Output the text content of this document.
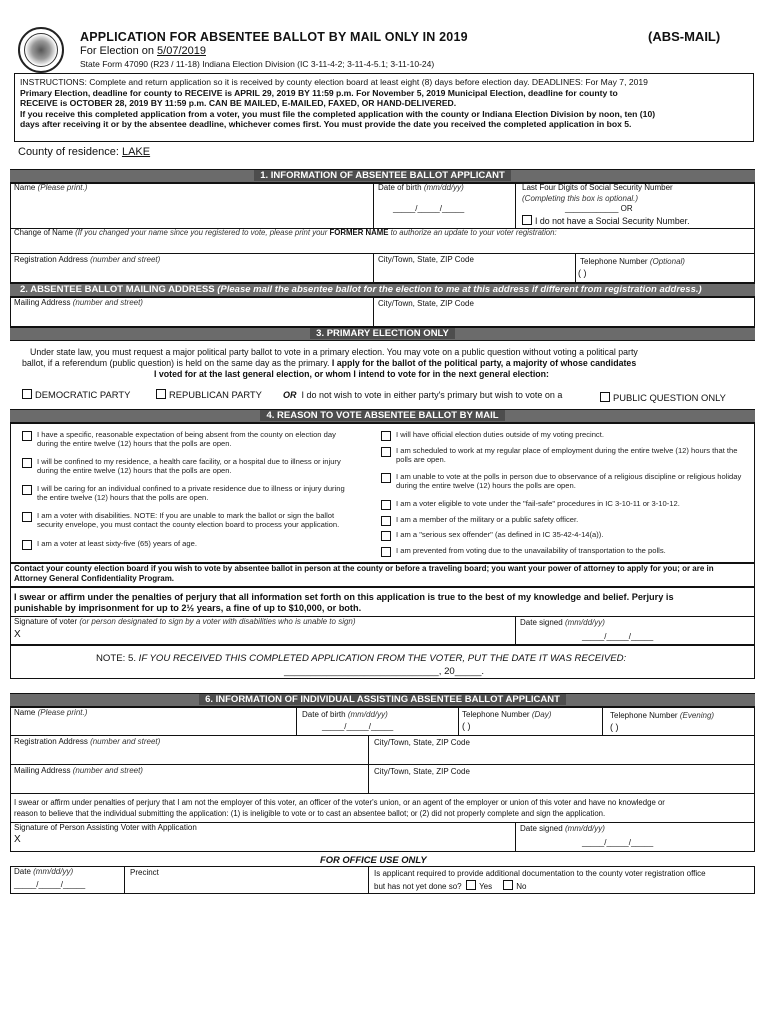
APPLICATION FOR ABSENTEE BALLOT BY MAIL ONLY IN 2019	(ABS-MAIL)
For Election on 5/07/2019
State Form 47090 (R23 / 11-18) Indiana Election Division (IC 3-11-4-2; 3-11-4-5.1; 3-11-10-24)
INSTRUCTIONS: Complete and return application so it is received by county election board at least eight (8) days before election day. DEADLINES: For May 7, 2019
Primary Election, deadline for county to RECEIVE is APRIL 29, 2019 BY 11:59 p.m. For November 5, 2019 Municipal Election, deadline for county to
RECEIVE is OCTOBER 28, 2019 BY 11:59 p.m. CAN BE MAILED, E-MAILED, FAXED, OR HAND-DELIVERED.
If you receive this completed application from a voter, you must file the completed application with the county or Indiana Election Division by noon, ten (10)
days after receiving it or by the absentee deadline, whichever comes first. You must provide the date you received the completed application in box 5.
County of residence: LAKE
1. INFORMATION OF ABSENTEE BALLOT APPLICANT
Name (Please print.)	Date of birth (mm/dd/yy)
_____/_____/_____
Last Four Digits of Social Security Number
(Completing this box is optional.)
____________ OR
I do not have a Social Security Number.
Change of Name (If you changed your name since you registered to vote, please print your FORMER NAME to authorize an update to your voter registration:
Registration Address (number and street)	City/Town, State, ZIP Code	Telephone Number (Optional)
( )
2. ABSENTEE BALLOT MAILING ADDRESS (Please mail the absentee ballot for the election to me at this address if different from registration address.)
Mailing Address (number and street)	City/Town, State, ZIP Code
3. PRIMARY ELECTION ONLY
Under state law, you must request a major political party ballot to vote in a primary election. You may vote on a public question without voting a political party
ballot, if a referendum (public question) is held on the same day as the primary. I apply for the ballot of the political party, a majority of whose candidates
I voted for at the last general election, or whom I intend to vote for in the next general election:
DEMOCRATIC PARTY	REPUBLICAN PARTY OR I do not wish to vote in either party's primary but wish to vote on a	PUBLIC QUESTION ONLY
4. REASON TO VOTE ABSENTEE BALLOT BY MAIL
I have a specific, reasonable expectation of being absent from the county on election day during the entire twelve (12) hours that the polls are open.
I will be confined to my residence, a health care facility, or a hospital due to illness or injury during the entire twelve (12) hours that the polls are open.
I will be caring for an individual confined to a private residence due to illness or injury during the entire twelve (12) hours that the polls are open.
I am a voter with disabilities. NOTE: If you are unable to mark the ballot or sign the ballot security envelope, you must contact the county election board to process your application.
I am a voter at least sixty-five (65) years of age.
I will have official election duties outside of my voting precinct.
I am scheduled to work at my regular place of employment during the entire twelve (12) hours that the polls are open.
I am unable to vote at the polls in person due to observance of a religious discipline or religious holiday during the entire twelve (12) hours the polls are open.
I am a voter eligible to vote under the "fail-safe" procedures in IC 3-10-11 or 3-10-12.
I am a member of the military or a public safety officer.
I am a "serious sex offender" (as defined in IC 35-42-4-14(a)).
I am prevented from voting due to the unavailability of transportation to the polls.
Contact your county election board if you wish to vote by absentee ballot in person at the county or before a traveling board; you want your power of attorney to apply for you; or are in
Attorney General Confidentiality Program.
I swear or affirm under the penalties of perjury that all information set forth on this application is true to the best of my knowledge and belief. Perjury is
punishable by imprisonment for up to 2½ years, a fine of up to $10,000, or both.
Signature of voter (or person designated to sign by a voter with disabilities who is unable to sign)
X
Date signed (mm/dd/yy)
_____/_____/_____
NOTE: 5. IF YOU RECEIVED THIS COMPLETED APPLICATION FROM THE VOTER, PUT THE DATE IT WAS RECEIVED:
_____________________________, 20_____.
6. INFORMATION OF INDIVIDUAL ASSISTING ABSENTEE BALLOT APPLICANT
Name (Please print.)	Date of birth (mm/dd/yy)
_____/_____/_____
Telephone Number (Day)
( )
Telephone Number (Evening)
( )
Registration Address (number and street)	City/Town, State, ZIP Code
Mailing Address (number and street)	City/Town, State, ZIP Code
I swear or affirm under penalties of perjury that I am not the employer of this voter, an officer of the voter's union, or an agent of the employer or union of this voter and have no knowledge or
reason to believe that the individual submitting the application: (1) is ineligible to vote or to cast an absentee ballot; or (2) did not properly complete and sign the application.
Signature of Person Assisting Voter with Application
X
Date signed (mm/dd/yy)
_____/_____/_____
FOR OFFICE USE ONLY
Date (mm/dd/yy)
_____/_____/_____
Precinct	Is applicant required to provide additional documentation to the county voter registration office
but has not yet done so? Yes	No
